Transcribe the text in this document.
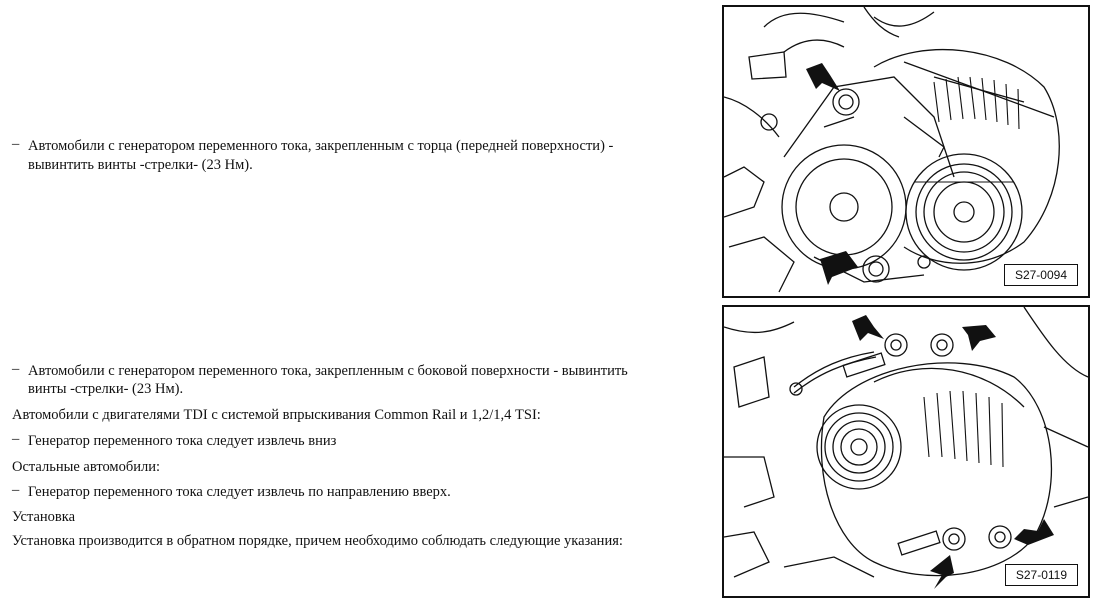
– Автомобили с генератором переменного тока, закрепленным с торца (передней поверхности) -
вывинтить винты -стрелки- (23 Нм).
– Автомобили с генератором переменного тока, закрепленным с боковой поверхности - вывинтить
винты -стрелки- (23 Нм).
Автомобили с двигателями TDI с системой впрыскивания Common Rail и 1,2/1,4 TSI:
– Генератор переменного тока следует извлечь вниз
Остальные автомобили:
– Генератор переменного тока следует извлечь по направлению вверх.
Установка
Установка производится в обратном порядке, причем необходимо соблюдать следующие указания:
S27-0094
S27-0119
